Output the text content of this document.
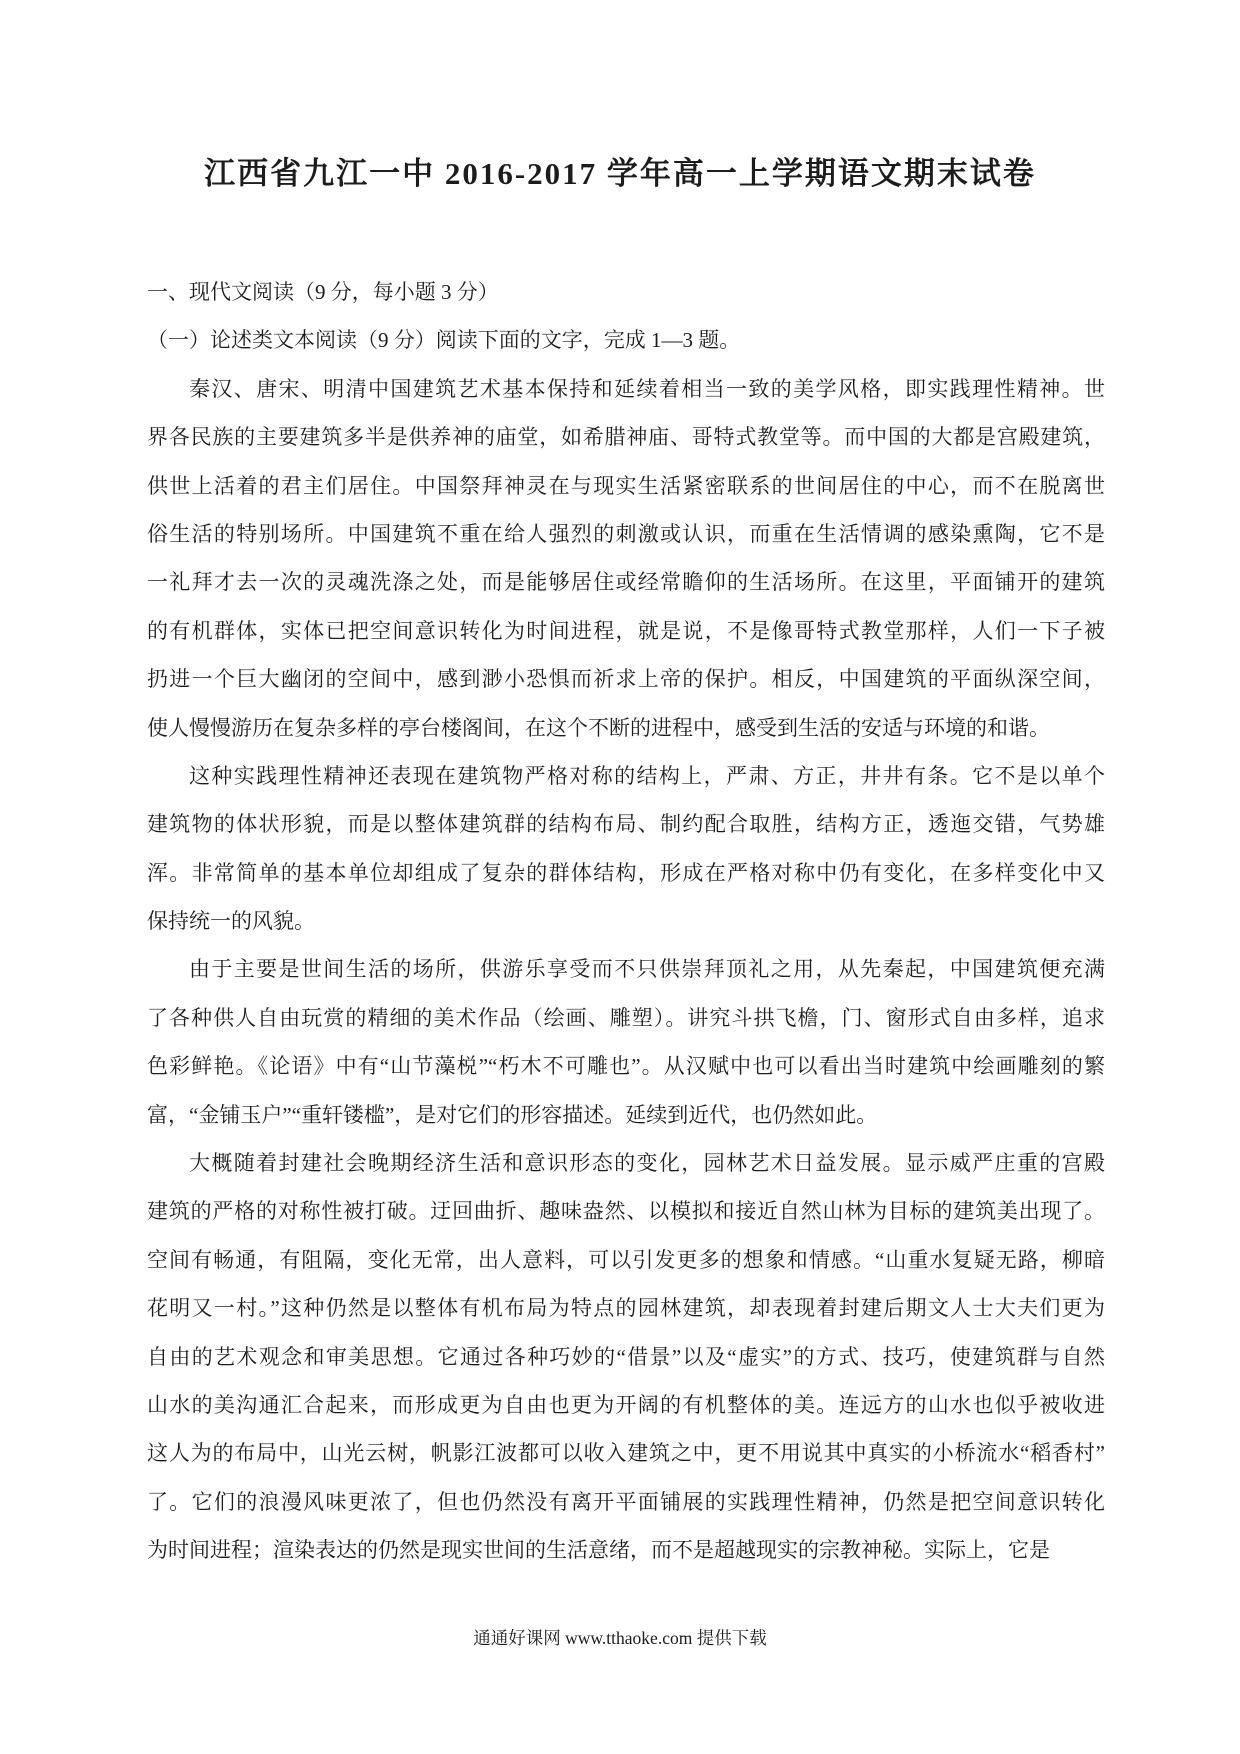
江西省九江一中 2016-2017 学年高一上学期语文期末试卷
一、现代文阅读（9 分，每小题 3 分）
（一）论述类文本阅读（9 分）阅读下面的文字，完成 1—3 题。
秦汉、唐宋、明清中国建筑艺术基本保持和延续着相当一致的美学风格，即实践理性精神。世
界各民族的主要建筑多半是供养神的庙堂，如希腊神庙、哥特式教堂等。而中国的大都是宫殿建筑，
供世上活着的君主们居住。中国祭拜神灵在与现实生活紧密联系的世间居住的中心，而不在脱离世
俗生活的特别场所。中国建筑不重在给人强烈的刺激或认识，而重在生活情调的感染熏陶，它不是
一礼拜才去一次的灵魂洗涤之处，而是能够居住或经常瞻仰的生活场所。在这里，平面铺开的建筑
的有机群体，实体已把空间意识转化为时间进程，就是说，不是像哥特式教堂那样，人们一下子被
扔进一个巨大幽闭的空间中，感到渺小恐惧而祈求上帝的保护。相反，中国建筑的平面纵深空间，
使人慢慢游历在复杂多样的亭台楼阁间，在这个不断的进程中，感受到生活的安适与环境的和谐。
这种实践理性精神还表现在建筑物严格对称的结构上，严肃、方正，井井有条。它不是以单个
建筑物的体状形貌，而是以整体建筑群的结构布局、制约配合取胜，结构方正，透迤交错，气势雄
浑。非常简单的基本单位却组成了复杂的群体结构，形成在严格对称中仍有变化，在多样变化中又
保持统一的风貌。
由于主要是世间生活的场所，供游乐享受而不只供崇拜顶礼之用，从先秦起，中国建筑便充满
了各种供人自由玩赏的精细的美术作品（绘画、雕塑）。讲究斗拱飞檐，门、窗形式自由多样，追求
色彩鲜艳。《论语》中有“山节藻棁”“朽木不可雕也”。从汉赋中也可以看出当时建筑中绘画雕刻的繁
富，“金铺玉户”“重轩镂槛”，是对它们的形容描述。延续到近代，也仍然如此。
大概随着封建社会晚期经济生活和意识形态的变化，园林艺术日益发展。显示威严庄重的宫殿
建筑的严格的对称性被打破。迂回曲折、趣味盎然、以模拟和接近自然山林为目标的建筑美出现了。
空间有畅通，有阻隔，变化无常，出人意料，可以引发更多的想象和情感。“山重水复疑无路，柳暗
花明又一村。”这种仍然是以整体有机布局为特点的园林建筑，却表现着封建后期文人士大夫们更为
自由的艺术观念和审美思想。它通过各种巧妙的“借景”以及“虚实”的方式、技巧，使建筑群与自然
山水的美沟通汇合起来，而形成更为自由也更为开阔的有机整体的美。连远方的山水也似乎被收进
这人为的布局中，山光云树，帆影江波都可以收入建筑之中，更不用说其中真实的小桥流水“稻香村”
了。它们的浪漫风味更浓了，但也仍然没有离开平面铺展的实践理性精神，仍然是把空间意识转化
为时间进程；渲染表达的仍然是现实世间的生活意绪，而不是超越现实的宗教神秘。实际上，它是
通通好课网 www.tthaoke.com 提供下载
